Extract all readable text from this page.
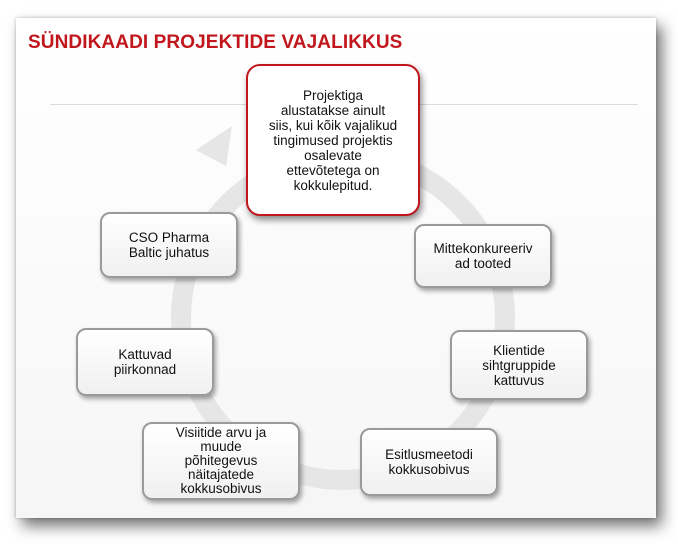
SÜNDIKAADI PROJEKTIDE VAJALIKKUS
Projektiga
alustatakse ainult
siis, kui kõik vajalikud
tingimused projektis
osalevate
ettevõtetega on
kokkulepitud.
Mittekonkureeriv
ad tooted
Klientide
sihtgruppide
kattuvus
Esitlusmeetodi
kokkusobivus
Visiitide arvu ja
muude
põhitegevus
näitajatede
kokkusobivus
Kattuvad
piirkonnad
CSO Pharma
Baltic juhatus
